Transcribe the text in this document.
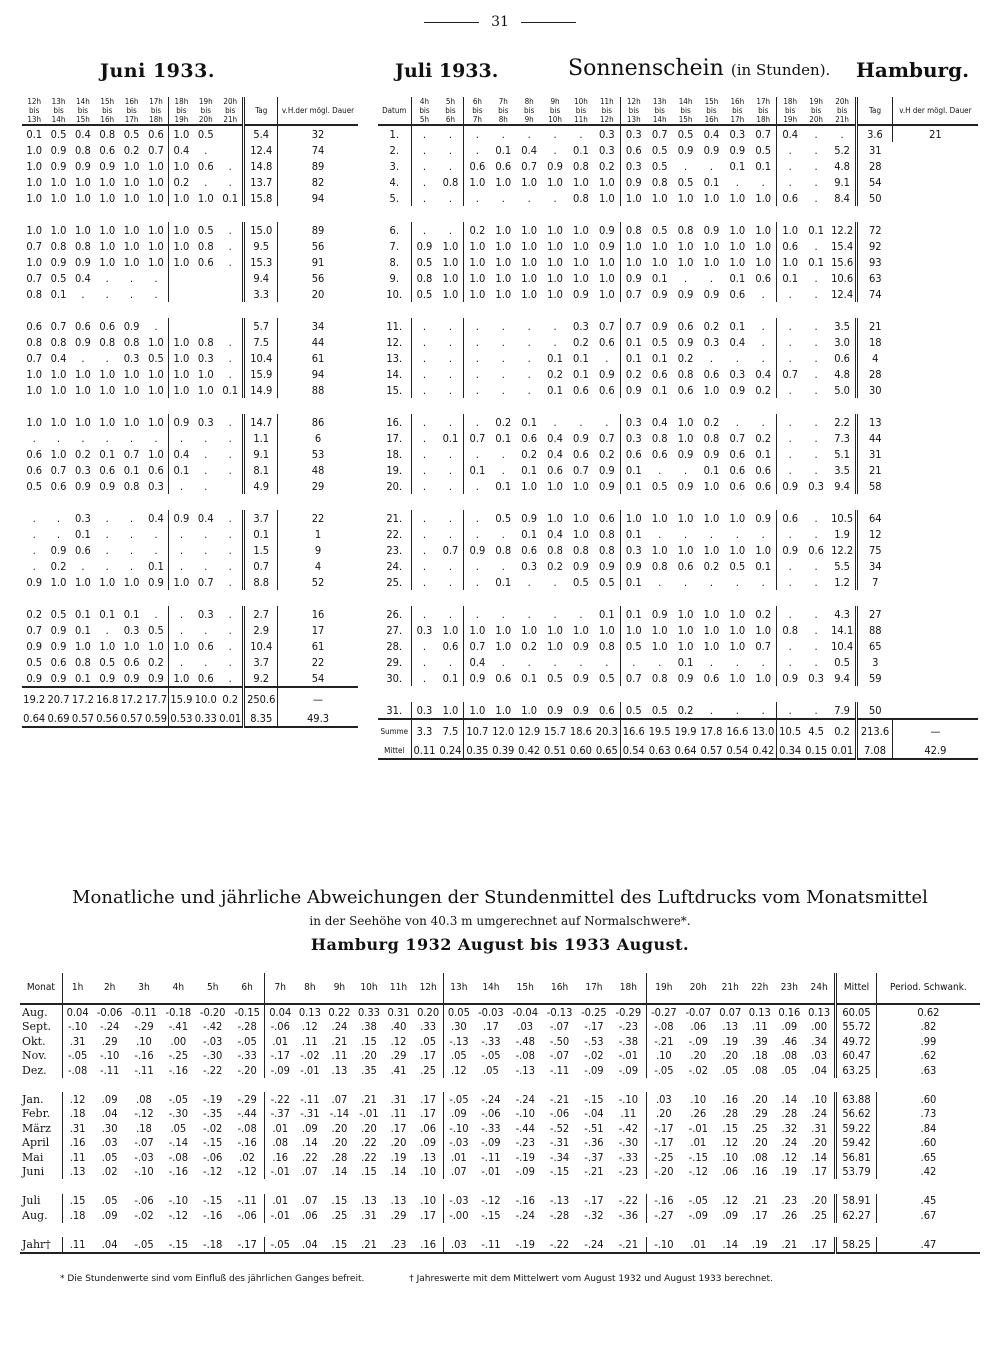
31
Juni 1933.	Juli 1933.	Sonnenschein (in Stunden). Hamburg.
12h
bis
13h	13h
bis
14h	14h
bis
15h	15h
bis
16h	16h
bis
17h	17h
bis
18h	18h
bis
19h	19h
bis
20h	20h
bis
21h	Tag	v.H.der mögl. Dauer
0.1	0.5	0.4	0.8	0.5	0.6	1.0	0.5		5.4	32
1.0	0.9	0.8	0.6	0.2	0.7	0.4	.		12.4	74
1.0	0.9	0.9	0.9	1.0	1.0	1.0	0.6	.	14.8	89
1.0	1.0	1.0	1.0	1.0	1.0	0.2	.	.	13.7	82
1.0	1.0	1.0	1.0	1.0	1.0	1.0	1.0	0.1	15.8	94

1.0	1.0	1.0	1.0	1.0	1.0	1.0	0.5	.	15.0	89
0.7	0.8	0.8	1.0	1.0	1.0	1.0	0.8	.	9.5	56
1.0	0.9	0.9	1.0	1.0	1.0	1.0	0.6	.	15.3	91
0.7	0.5	0.4	.	.	.				9.4	56
0.8	0.1	.	.	.	.				3.3	20

0.6	0.7	0.6	0.6	0.9	.				5.7	34
0.8	0.8	0.9	0.8	0.8	1.0	1.0	0.8	.	7.5	44
0.7	0.4	.	.	0.3	0.5	1.0	0.3	.	10.4	61
1.0	1.0	1.0	1.0	1.0	1.0	1.0	1.0	.	15.9	94
1.0	1.0	1.0	1.0	1.0	1.0	1.0	1.0	0.1	14.9	88

1.0	1.0	1.0	1.0	1.0	1.0	0.9	0.3	.	14.7	86
.	.	.	.	.	.	.	.	.	1.1	6
0.6	1.0	0.2	0.1	0.7	1.0	0.4	.	.	9.1	53
0.6	0.7	0.3	0.6	0.1	0.6	0.1	.	.	8.1	48
0.5	0.6	0.9	0.9	0.8	0.3	.	.		4.9	29

.	.	0.3	.	.	0.4	0.9	0.4	.	3.7	22
.	.	0.1	.	.	.	.	.	.	0.1	1
.	0.9	0.6	.	.	.	.	.	.	1.5	9
.	0.2	.	.	.	0.1	.	.	.	0.7	4
0.9	1.0	1.0	1.0	1.0	0.9	1.0	0.7	.	8.8	52

0.2	0.5	0.1	0.1	0.1	.	.	0.3	.	2.7	16
0.7	0.9	0.1	.	0.3	0.5	.	.	.	2.9	17
0.9	0.9	1.0	1.0	1.0	1.0	1.0	0.6	.	10.4	61
0.5	0.6	0.8	0.5	0.6	0.2	.	.	.	3.7	22
0.9	0.9	0.1	0.9	0.9	0.9	1.0	0.6	.	9.2	54
19.2	20.7	17.2	16.8	17.2	17.7	15.9	10.0	0.2	250.6	—
0.64	0.69	0.57	0.56	0.57	0.59	0.53	0.33	0.01	8.35	49.3
Datum	4h
bis
5h	5h
bis
6h	6h
bis
7h	7h
bis
8h	8h
bis
9h	9h
bis
10h	10h
bis
11h	11h
bis
12h	12h
bis
13h	13h
bis
14h	14h
bis
15h	15h
bis
16h	16h
bis
17h	17h
bis
18h	18h
bis
19h	19h
bis
20h	20h
bis
21h	Tag	v.H der mögl. Dauer
1.	.	.	.	.	.	.	.	0.3	0.3	0.7	0.5	0.4	0.3	0.7	0.4	.	.	3.6	21
2.	.	.	.	0.1	0.4	.	0.1	0.3	0.6	0.5	0.9	0.9	0.9	0.5	.	.	5.2	31	
3.	.	.	0.6	0.6	0.7	0.9	0.8	0.2	0.3	0.5	.	.	0.1	0.1	.	.	4.8	28	
4.	.	0.8	1.0	1.0	1.0	1.0	1.0	1.0	0.9	0.8	0.5	0.1	.	.	.	.	9.1	54	
5.	.	.	.	.	.	.	0.8	1.0	1.0	1.0	1.0	1.0	1.0	1.0	0.6	.	8.4	50	

6.	.	.	0.2	1.0	1.0	1.0	1.0	0.9	0.8	0.5	0.8	0.9	1.0	1.0	1.0	0.1	12.2	72	
7.	0.9	1.0	1.0	1.0	1.0	1.0	1.0	0.9	1.0	1.0	1.0	1.0	1.0	1.0	0.6	.	15.4	92	
8.	0.5	1.0	1.0	1.0	1.0	1.0	1.0	1.0	1.0	1.0	1.0	1.0	1.0	1.0	1.0	0.1	15.6	93	
9.	0.8	1.0	1.0	1.0	1.0	1.0	1.0	1.0	0.9	0.1	.	.	0.1	0.6	0.1	.	10.6	63	
10.	0.5	1.0	1.0	1.0	1.0	1.0	0.9	1.0	0.7	0.9	0.9	0.9	0.6	.	.	.	12.4	74	

11.	.	.	.	.	.	.	0.3	0.7	0.7	0.9	0.6	0.2	0.1	.	.	.	3.5	21	
12.	.	.	.	.	.	.	0.2	0.6	0.1	0.5	0.9	0.3	0.4	.	.	.	3.0	18	
13.	.	.	.	.	.	0.1	0.1	.	0.1	0.1	0.2	.	.	.	.	.	0.6	4	
14.	.	.	.	.	.	0.2	0.1	0.9	0.2	0.6	0.8	0.6	0.3	0.4	0.7	.	4.8	28	
15.	.	.	.	.	.	0.1	0.6	0.6	0.9	0.1	0.6	1.0	0.9	0.2	.	.	5.0	30	

16.	.	.	.	0.2	0.1	.	.	.	0.3	0.4	1.0	0.2	.	.	.	.	2.2	13	
17.	.	0.1	0.7	0.1	0.6	0.4	0.9	0.7	0.3	0.8	1.0	0.8	0.7	0.2	.	.	7.3	44	
18.	.	.	.	.	0.2	0.4	0.6	0.2	0.6	0.6	0.9	0.9	0.6	0.1	.	.	5.1	31	
19.	.	.	0.1	.	0.1	0.6	0.7	0.9	0.1	.	.	0.1	0.6	0.6	.	.	3.5	21	
20.	.	.	.	0.1	1.0	1.0	1.0	0.9	0.1	0.5	0.9	1.0	0.6	0.6	0.9	0.3	9.4	58	

21.	.	.	.	0.5	0.9	1.0	1.0	0.6	1.0	1.0	1.0	1.0	1.0	0.9	0.6	.	10.5	64	
22.	.	.	.	.	0.1	0.4	1.0	0.8	0.1	.	.	.	.	.	.	.	1.9	12	
23.	.	0.7	0.9	0.8	0.6	0.8	0.8	0.8	0.3	1.0	1.0	1.0	1.0	1.0	0.9	0.6	12.2	75	
24.	.	.	.	.	0.3	0.2	0.9	0.9	0.9	0.8	0.6	0.2	0.5	0.1	.	.	5.5	34	
25.	.	.	.	0.1	.	.	0.5	0.5	0.1	.	.	.	.	.	.	.	1.2	7	

26.	.	.	.	.	.	.	.	0.1	0.1	0.9	1.0	1.0	1.0	0.2	.	.	4.3	27	
27.	0.3	1.0	1.0	1.0	1.0	1.0	1.0	1.0	1.0	1.0	1.0	1.0	1.0	1.0	0.8	.	14.1	88	
28.	.	0.6	0.7	1.0	0.2	1.0	0.9	0.8	0.5	1.0	1.0	1.0	1.0	0.7	.	.	10.4	65	
29.	.	.	0.4	.	.	.	.	.	.	.	0.1	.	.	.	.	.	0.5	3	
30.	.	0.1	0.9	0.6	0.1	0.5	0.9	0.5	0.7	0.8	0.9	0.6	1.0	1.0	0.9	0.3	9.4	59	

31.	0.3	1.0	1.0	1.0	1.0	0.9	0.9	0.6	0.5	0.5	0.2	.	.	.	.	.	7.9	50	
Summe	3.3	7.5	10.7	12.0	12.9	15.7	18.6	20.3	16.6	19.5	19.9	17.8	16.6	13.0	10.5	4.5	0.2	213.6	—
Mittel	0.11	0.24	0.35	0.39	0.42	0.51	0.60	0.65	0.54	0.63	0.64	0.57	0.54	0.42	0.34	0.15	0.01	7.08	42.9
Monatliche und jährliche Abweichungen der Stundenmittel des Luftdrucks vom Monatsmittel
in der Seehöhe von 40.3 m umgerechnet auf Normalschwere*.
Hamburg 1932 August bis 1933 August.
Monat	1h	2h	3h	4h	5h	6h	7h	8h	9h	10h	11h	12h	13h	14h	15h	16h	17h	18h	19h	20h	21h	22h	23h	24h	Mittel	Period. Schwank.
Aug.	0.04	-0.06	-0.11	-0.18	-0.20	-0.15	0.04	0.13	0.22	0.33	0.31	0.20	0.05	-0.03	-0.04	-0.13	-0.25	-0.29	-0.27	-0.07	0.07	0.13	0.16	0.13	60.05	0.62
Sept.	-.10	-.24	-.29	-.41	-.42	-.28	-.06	.12	.24	.38	.40	.33	.30	.17	.03	-.07	-.17	-.23	-.08	.06	.13	.11	.09	.00	55.72	.82
Okt.	.31	.29	.10	.00	-.03	-.05	.01	.11	.21	.15	.12	.05	-.13	-.33	-.48	-.50	-.53	-.38	-.21	-.09	.19	.39	.46	.34	49.72	.99
Nov.	-.05	-.10	-.16	-.25	-.30	-.33	-.17	-.02	.11	.20	.29	.17	.05	-.05	-.08	-.07	-.02	-.01	.10	.20	.20	.18	.08	.03	60.47	.62
Dez.	-.08	-.11	-.11	-.16	-.22	-.20	-.09	-.01	.13	.35	.41	.25	.12	.05	-.13	-.11	-.09	-.09	-.05	-.02	.05	.08	.05	.04	63.25	.63

Jan.	.12	.09	.08	-.05	-.19	-.29	-.22	-.11	.07	.21	.31	.17	-.05	-.24	-.24	-.21	-.15	-.10	.03	.10	.16	.20	.14	.10	63.88	.60
Febr.	.18	.04	-.12	-.30	-.35	-.44	-.37	-.31	-.14	-.01	.11	.17	.09	-.06	-.10	-.06	-.04	.11	.20	.26	.28	.29	.28	.24	56.62	.73
März	.31	.30	.18	.05	-.02	-.08	.01	.09	.20	.20	.17	.06	-.10	-.33	-.44	-.52	-.51	-.42	-.17	-.01	.15	.25	.32	.31	59.22	.84
April	.16	.03	-.07	-.14	-.15	-.16	.08	.14	.20	.22	.20	.09	-.03	-.09	-.23	-.31	-.36	-.30	-.17	.01	.12	.20	.24	.20	59.42	.60
Mai	.11	.05	-.03	-.08	-.06	.02	.16	.22	.28	.22	.19	.13	.01	-.11	-.19	-.34	-.37	-.33	-.25	-.15	.10	.08	.12	.14	56.81	.65
Juni	.13	.02	-.10	-.16	-.12	-.12	-.01	.07	.14	.15	.14	.10	.07	-.01	-.09	-.15	-.21	-.23	-.20	-.12	.06	.16	.19	.17	53.79	.42

Juli	.15	.05	-.06	-.10	-.15	-.11	.01	.07	.15	.13	.13	.10	-.03	-.12	-.16	-.13	-.17	-.22	-.16	-.05	.12	.21	.23	.20	58.91	.45
Aug.	.18	.09	-.02	-.12	-.16	-.06	-.01	.06	.25	.31	.29	.17	-.00	-.15	-.24	-.28	-.32	-.36	-.27	-.09	.09	.17	.26	.25	62.27	.67

Jahr†	.11	.04	-.05	-.15	-.18	-.17	-.05	.04	.15	.21	.23	.16	.03	-.11	-.19	-.22	-.24	-.21	-.10	.01	.14	.19	.21	.17	58.25	.47
* Die Stundenwerte sind vom Einfluß des jährlichen Ganges befreit.	† Jahreswerte mit dem Mittelwert vom August 1932 und August 1933 berechnet.
